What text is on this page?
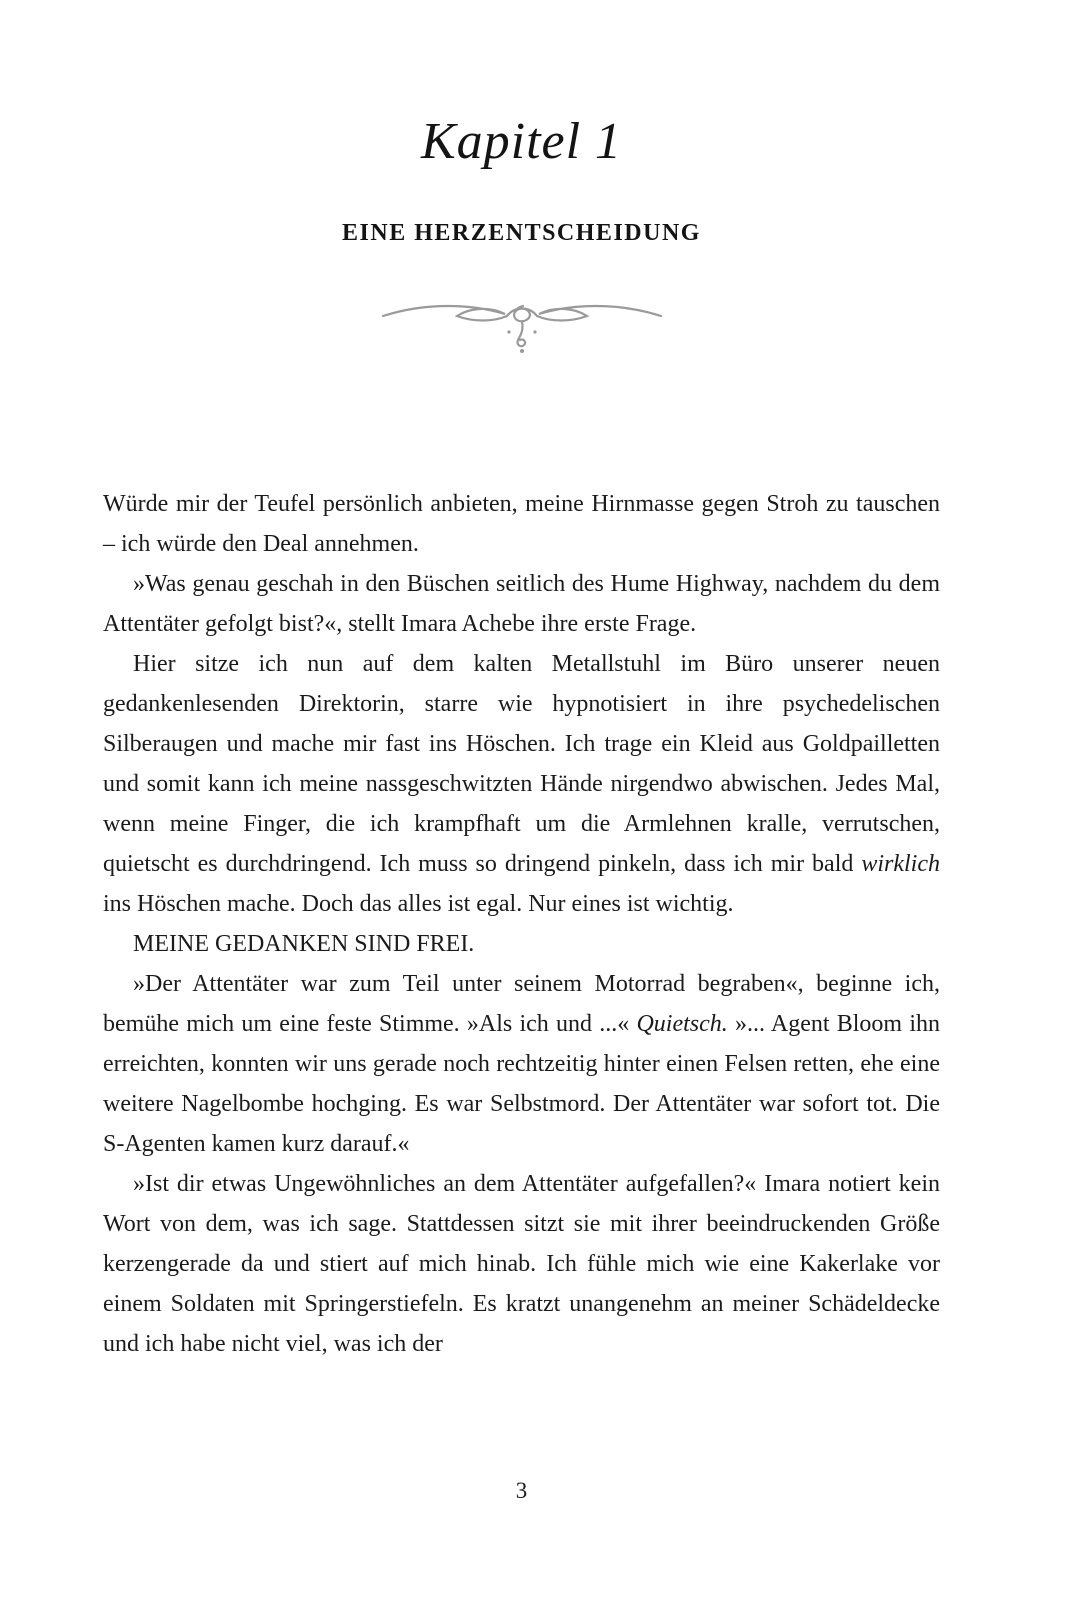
Kapitel 1
EINE HERZENTSCHEIDUNG

Würde mir der Teufel persönlich anbieten, meine Hirnmasse gegen Stroh zu tauschen – ich würde den Deal annehmen.

»Was genau geschah in den Büschen seitlich des Hume Highway, nachdem du dem Attentäter gefolgt bist?«, stellt Imara Achebe ihre erste Frage.

Hier sitze ich nun auf dem kalten Metallstuhl im Büro unserer neuen gedankenlesenden Direktorin, starre wie hypnotisiert in ihre psychedelischen Silberaugen und mache mir fast ins Höschen. Ich trage ein Kleid aus Goldpailletten und somit kann ich meine nassgeschwitzten Hände nirgendwo abwischen. Jedes Mal, wenn meine Finger, die ich krampfhaft um die Armlehnen kralle, verrutschen, quietscht es durchdringend. Ich muss so dringend pinkeln, dass ich mir bald wirklich ins Höschen mache. Doch das alles ist egal. Nur eines ist wichtig.

MEINE GEDANKEN SIND FREI.

»Der Attentäter war zum Teil unter seinem Motorrad begraben«, beginne ich, bemühe mich um eine feste Stimme. »Als ich und ...« Quietsch. »... Agent Bloom ihn erreichten, konnten wir uns gerade noch rechtzeitig hinter einen Felsen retten, ehe eine weitere Nagelbombe hochging. Es war Selbstmord. Der Attentäter war sofort tot. Die S-Agenten kamen kurz darauf.«

»Ist dir etwas Ungewöhnliches an dem Attentäter aufgefallen?« Imara notiert kein Wort von dem, was ich sage. Stattdessen sitzt sie mit ihrer beeindruckenden Größe kerzengerade da und stiert auf mich hinab. Ich fühle mich wie eine Kakerlake vor einem Soldaten mit Springerstiefeln. Es kratzt unangenehm an meiner Schädeldecke und ich habe nicht viel, was ich der

3
